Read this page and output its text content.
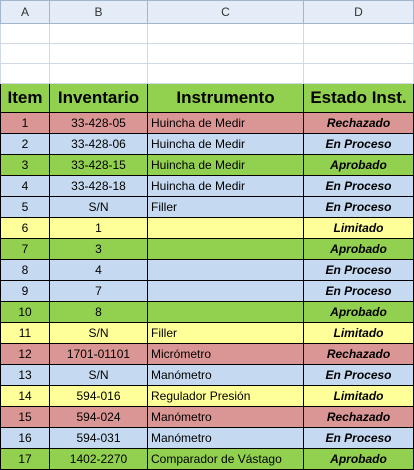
A	B	C	D

Item	Inventario	Instrumento	Estado Inst.
1	33-428-05	Huincha de Medir	Rechazado
2	33-428-06	Huincha de Medir	En Proceso
3	33-428-15	Huincha de Medir	Aprobado
4	33-428-18	Huincha de Medir	En Proceso
5	S/N	Filler	En Proceso
6	1		Limitado
7	3		Aprobado
8	4		En Proceso
9	7		En Proceso
10	8		Aprobado
11	S/N	Filler	Limitado
12	1701-01101	Micrómetro	Rechazado
13	S/N	Manómetro	En Proceso
14	594-016	Regulador Presión	Limitado
15	594-024	Manómetro	Rechazado
16	594-031	Manómetro	En Proceso
17	1402-2270	Comparador de Vástago	Aprobado
